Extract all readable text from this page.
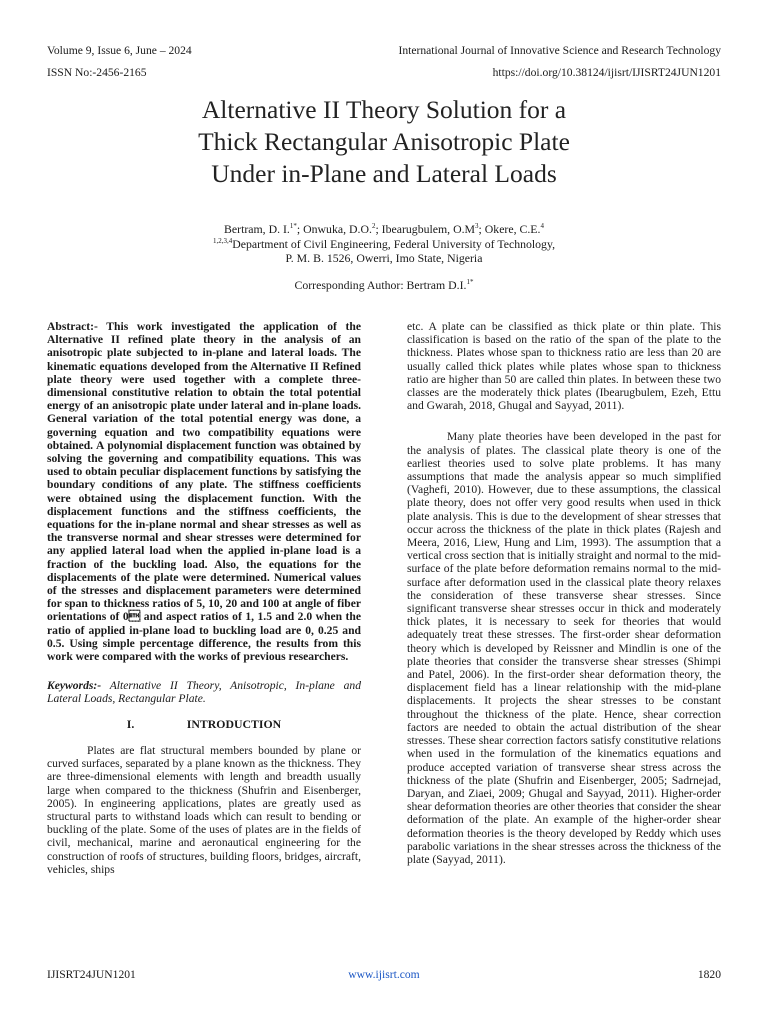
Volume 9, Issue 6, June – 2024
ISSN No:-2456-2165
International Journal of Innovative Science and Research Technology
https://doi.org/10.38124/ijisrt/IJISRT24JUN1201
Alternative II Theory Solution for a
Thick Rectangular Anisotropic Plate
Under in-Plane and Lateral Loads
Bertram, D. I.$^{1*}$; Onwuka, D.O.$^2$; Ibearugbulem, $O.M^3$; Okere, C.E.$^4$
$^{1,2,3,4}$Department of Civil Engineering, Federal University of Technology,
P. M. B. 1526, Owerri, Imo State, Nigeria
Corresponding Author: Bertram D.I.$^{1*}$

Abstract:- This work investigated the application of the Alternative II refined plate theory in the analysis of an anisotropic plate subjected to in-plane and lateral loads. The kinematic equations developed from the Alternative II Refined plate theory were used together with a complete three-dimensional constitutive relation to obtain the total potential energy of an anisotropic plate under lateral and in-plane loads. General variation of the total potential energy was done, a governing equation and two compatibility equations were obtained. A polynomial displacement function was obtained by solving the governing and compatibility equations. This was used to obtain peculiar displacement functions by satisfying the boundary conditions of any plate. The stiffness coefficients were obtained using the displacement function. With the displacement functions and the stiffness coefficients, the equations for the in-plane normal and shear stresses as well as the transverse normal and shear stresses were determined for any applied lateral load when the applied in-plane load is a fraction of the buckling load. Also, the equations for the displacements of the plate were determined. Numerical values of the stresses and displacement parameters were determined for span to thickness ratios of 5, 10, 20 and 100 at angle of fiber orientations of 0 and aspect ratios of 1, 1.5 and 2.0 when the ratio of applied in-plane load to buckling load are 0, 0.25 and 0.5. Using simple percentage difference, the results from this work were compared with the works of previous researchers.

Keywords:- Alternative II Theory, Anisotropic, In-plane and Lateral Loads, Rectangular Plate.

I.	INTRODUCTION

Plates are flat structural members bounded by plane or curved surfaces, separated by a plane known as the thickness. They are three-dimensional elements with length and breadth usually large when compared to the thickness (Shufrin and Eisenberger, 2005). In engineering applications, plates are greatly used as structural parts to withstand loads which can result to bending or buckling of the plate. Some of the uses of plates are in the fields of civil, mechanical, marine and aeronautical engineering for the construction of roofs of structures, building floors, bridges, aircraft, vehicles, ships

etc. A plate can be classified as thick plate or thin plate. This classification is based on the ratio of the span of the plate to the thickness. Plates whose span to thickness ratio are less than 20 are usually called thick plates while plates whose span to thickness ratio are higher than 50 are called thin plates. In between these two classes are the moderately thick plates (Ibearugbulem, Ezeh, Ettu and Gwarah, 2018, Ghugal and Sayyad, 2011).

Many plate theories have been developed in the past for the analysis of plates. The classical plate theory is one of the earliest theories used to solve plate problems. It has many assumptions that made the analysis appear so much simplified (Vaghefi, 2010). However, due to these assumptions, the classical plate theory, does not offer very good results when used in thick plate analysis. This is due to the development of shear stresses that occur across the thickness of the plate in thick plates (Rajesh and Meera, 2016, Liew, Hung and Lim, 1993). The assumption that a vertical cross section that is initially straight and normal to the mid-surface of the plate before deformation remains normal to the mid-surface after deformation used in the classical plate theory relaxes the consideration of these transverse shear stresses. Since significant transverse shear stresses occur in thick and moderately thick plates, it is necessary to seek for theories that would adequately treat these stresses. The first-order shear deformation theory which is developed by Reissner and Mindlin is one of the plate theories that consider the transverse shear stresses (Shimpi and Patel, 2006). In the first-order shear deformation theory, the displacement field has a linear relationship with the mid-plane displacements. It projects the shear stresses to be constant throughout the thickness of the plate. Hence, shear correction factors are needed to obtain the actual distribution of the shear stresses. These shear correction factors satisfy constitutive relations when used in the formulation of the kinematics equations and produce accepted variation of transverse shear stress across the thickness of the plate (Shufrin and Eisenberger, 2005; Sadrnejad, Daryan, and Ziaei, 2009; Ghugal and Sayyad, 2011). Higher-order shear deformation theories are other theories that consider the shear deformation of the plate. An example of the higher-order shear deformation theories is the theory developed by Reddy which uses parabolic variations in the shear stresses across the thickness of the plate (Sayyad, 2011).

IJISRT24JUN1201	www.ijisrt.com	1820
